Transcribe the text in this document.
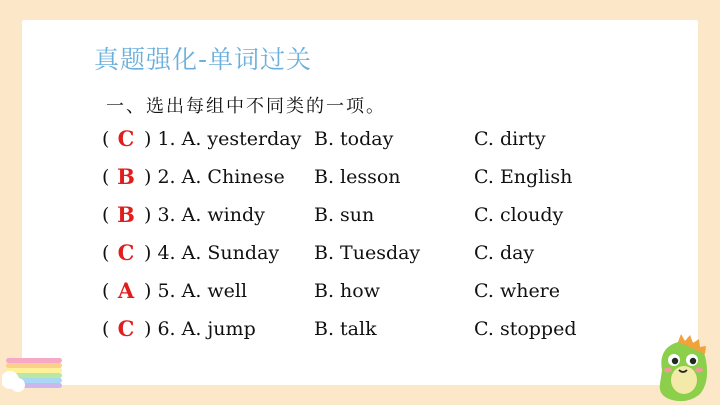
真题强化-单词过关
一、选出每组中不同类的一项。
( C ) 1. A. yesterday B. today	C. dirty
( B ) 2. A. Chinese B. lesson	C. English
( B ) 3. A. windy	B. sun	C. cloudy
( C ) 4. A. Sunday B. Tuesday	C. day
( A ) 5. A. well	B. how	C. where
( C ) 6. A. jump	B. talk	C. stopped
